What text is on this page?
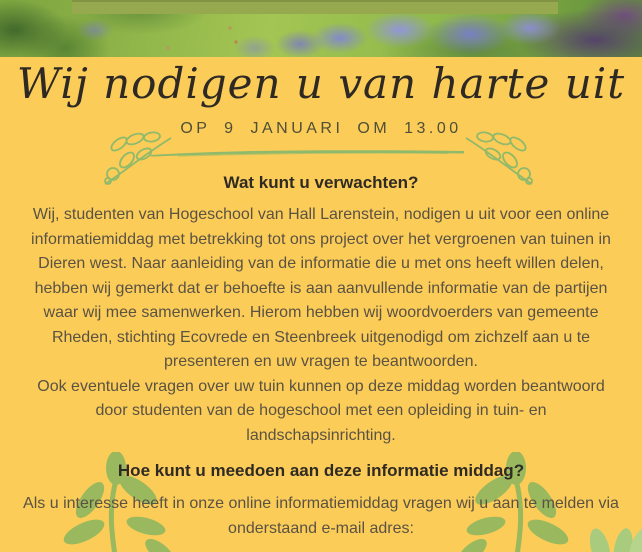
Wij nodigen u van harte uit
OP 9 JANUARI OM 13.00
Wat kunt u verwachten?

Wij, studenten van Hogeschool van Hall Larenstein, nodigen u uit voor een online informatiemiddag met betrekking tot ons project over het vergroenen van tuinen in Dieren west. Naar aanleiding van de informatie die u met ons heeft willen delen, hebben wij gemerkt dat er behoefte is aan aanvullende informatie van de partijen waar wij mee samenwerken. Hierom hebben wij woordvoerders van gemeente Rheden, stichting Ecovrede en Steenbreek uitgenodigd om zichzelf aan u te presenteren en uw vragen te beantwoorden.

Ook eventuele vragen over uw tuin kunnen op deze middag worden beantwoord door studenten van de hogeschool met een opleiding in tuin- en landschapsinrichting.

Hoe kunt u meedoen aan deze informatie middag?

Als u interesse heeft in onze online informatiemiddag vragen wij u aan te melden via onderstaand e-mail adres:
